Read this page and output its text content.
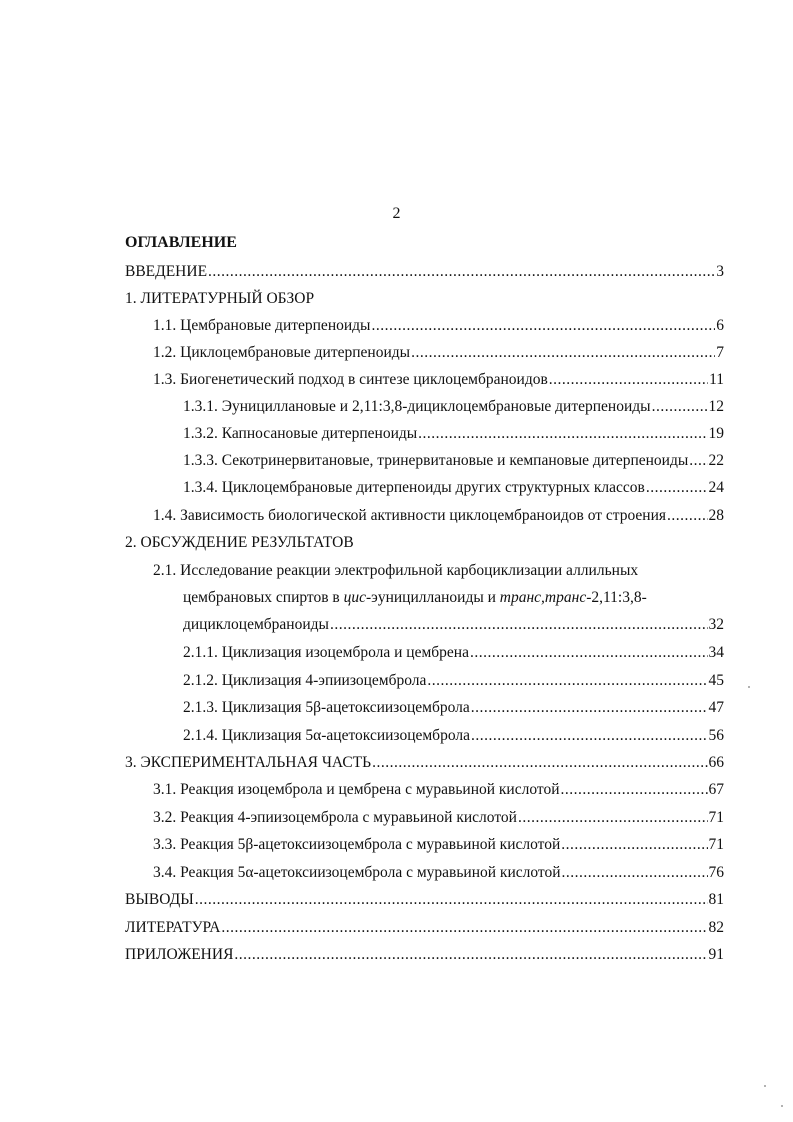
2
ОГЛАВЛЕНИЕ
ВВЕДЕНИЕ .....	3
1. ЛИТЕРАТУРНЫЙ ОБЗОР
1.1. Цембрановые дитерпеноиды .....	6
1.2. Циклоцембрановые дитерпеноиды .....	7
1.3. Биогенетический подход в синтезе циклоцембраноидов .....	11
1.3.1. Эунициллановые и 2,11:3,8-дициклоцембрановые дитерпеноиды .....	12
1.3.2. Капносановые дитерпеноиды .....	19
1.3.3. Секотринервитановые, тринервитановые и кемпановые дитерпеноиды ..... 22
1.3.4. Циклоцембрановые дитерпеноиды других структурных классов .....	24
1.4. Зависимость биологической активности циклоцембраноидов от строения .....	28
2. ОБСУЖДЕНИЕ РЕЗУЛЬТАТОВ
2.1. Исследование реакции электрофильной карбоциклизации аллильных
цембрановых спиртов в цис-эуницилланоиды и транс,транс-2,11:3,8-
дициклоцембраноиды .....	32
2.1.1. Циклизация изоцемброла и цембрена .....	34
2.1.2. Циклизация 4-эпиизоцемброла .....	45
2.1.3. Циклизация 5β-ацетоксиизоцемброла .....	47
2.1.4. Циклизация 5α-ацетоксиизоцемброла .....	56
3. ЭКСПЕРИМЕНТАЛЬНАЯ ЧАСТЬ .....	66
3.1. Реакция изоцемброла и цембрена с муравьиной кислотой .....	67
3.2. Реакция 4-эпиизоцемброла с муравьиной кислотой .....	71
3.3. Реакция 5β-ацетоксиизоцемброла с муравьиной кислотой .....	71
3.4. Реакция 5α-ацетоксиизоцемброла с муравьиной кислотой .....	76
ВЫВОДЫ .....	81
ЛИТЕРАТУРА .....	82
ПРИЛОЖЕНИЯ .....	91
